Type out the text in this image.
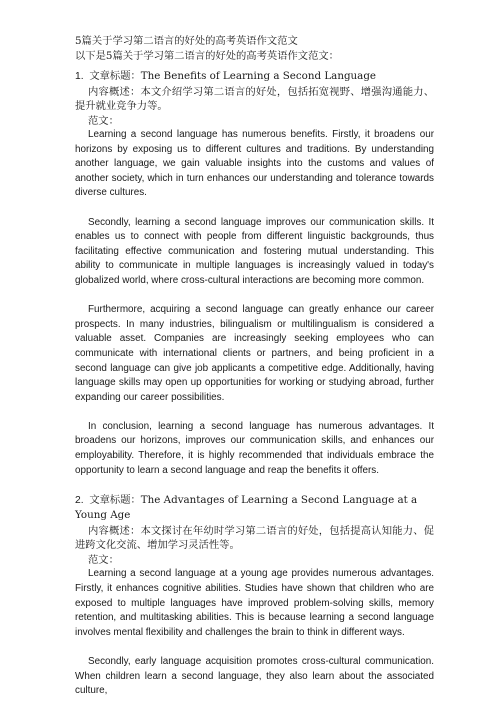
5篇关于学习第二语言的好处的高考英语作文范文

以下是5篇关于学习第二语言的好处的高考英语作文范文：

1. 文章标题：The Benefits of Learning a Second Language

内容概述：本文介绍学习第二语言的好处，包括拓宽视野、增强沟通能力、提升就业竞争力等。

范文：

Learning a second language has numerous benefits. Firstly, it broadens our horizons by exposing us to different cultures and traditions. By understanding another language, we gain valuable insights into the customs and values of another society, which in turn enhances our understanding and tolerance towards diverse cultures.

Secondly, learning a second language improves our communication skills. It enables us to connect with people from different linguistic backgrounds, thus facilitating effective communication and fostering mutual understanding. This ability to communicate in multiple languages is increasingly valued in today's globalized world, where cross-cultural interactions are becoming more common.

Furthermore, acquiring a second language can greatly enhance our career prospects. In many industries, bilingualism or multilingualism is considered a valuable asset. Companies are increasingly seeking employees who can communicate with international clients or partners, and being proficient in a second language can give job applicants a competitive edge. Additionally, having language skills may open up opportunities for working or studying abroad, further expanding our career possibilities.

In conclusion, learning a second language has numerous advantages. It broadens our horizons, improves our communication skills, and enhances our employability. Therefore, it is highly recommended that individuals embrace the opportunity to learn a second language and reap the benefits it offers.

2. 文章标题：The Advantages of Learning a Second Language at a Young Age

内容概述：本文探讨在年幼时学习第二语言的好处，包括提高认知能力、促进跨文化交流、增加学习灵活性等。

范文：

Learning a second language at a young age provides numerous advantages. Firstly, it enhances cognitive abilities. Studies have shown that children who are exposed to multiple languages have improved problem-solving skills, memory retention, and multitasking abilities. This is because learning a second language involves mental flexibility and challenges the brain to think in different ways.

Secondly, early language acquisition promotes cross-cultural communication. When children learn a second language, they also learn about the associated culture,
